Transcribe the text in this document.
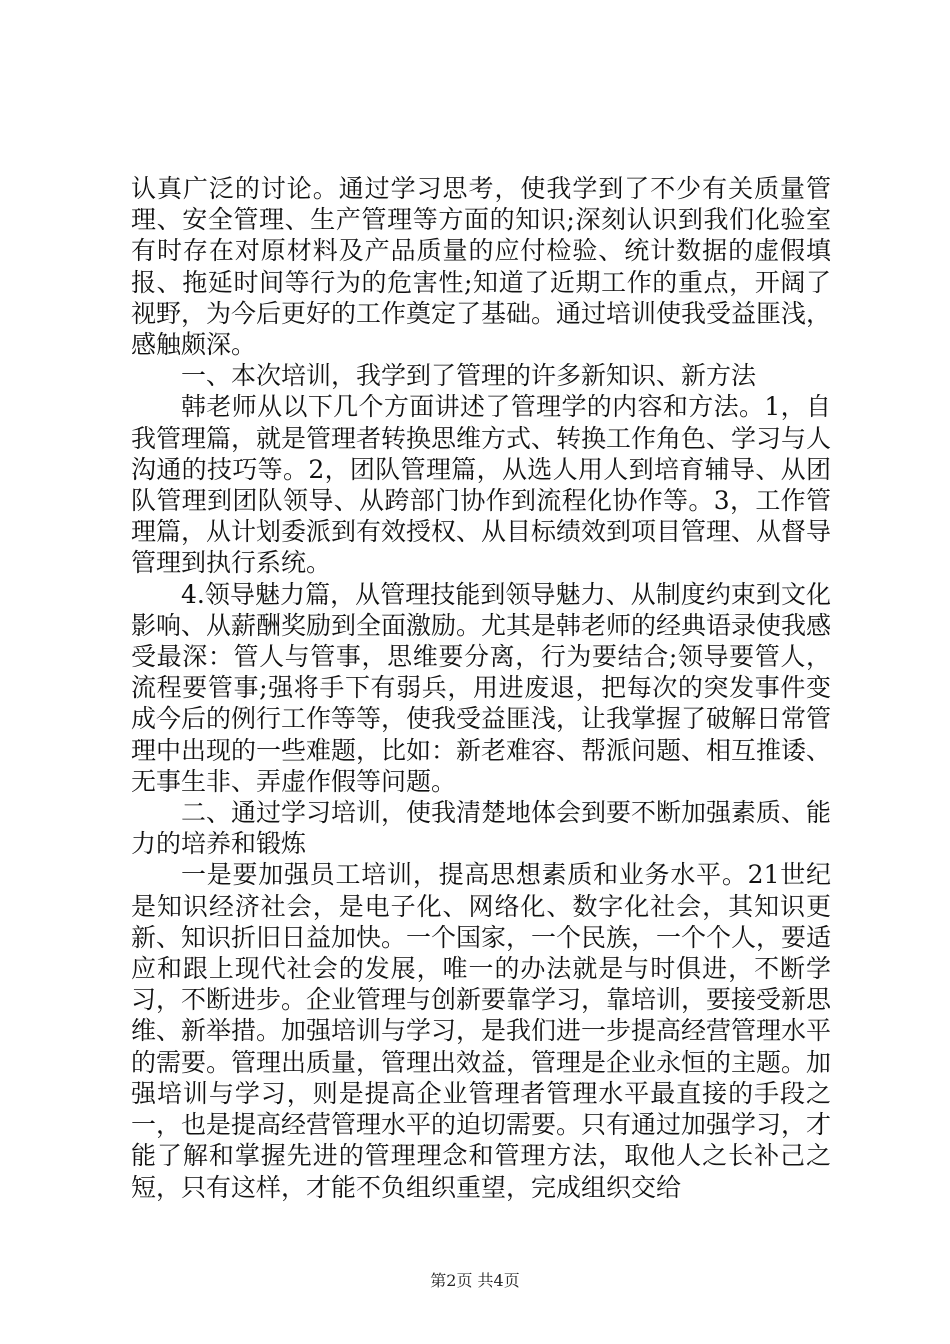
认真广泛的讨论。通过学习思考，使我学到了不少有关质量管理、安全管理、生产管理等方面的知识;深刻认识到我们化验室有时存在对原材料及产品质量的应付检验、统计数据的虚假填报、拖延时间等行为的危害性;知道了近期工作的重点，开阔了视野，为今后更好的工作奠定了基础。通过培训使我受益匪浅，感触颇深。

一、本次培训，我学到了管理的许多新知识、新方法

韩老师从以下几个方面讲述了管理学的内容和方法。1，自我管理篇，就是管理者转换思维方式、转换工作角色、学习与人沟通的技巧等。2，团队管理篇，从选人用人到培育辅导、从团队管理到团队领导、从跨部门协作到流程化协作等。3，工作管理篇，从计划委派到有效授权、从目标绩效到项目管理、从督导管理到执行系统。

4.领导魅力篇，从管理技能到领导魅力、从制度约束到文化影响、从薪酬奖励到全面激励。尤其是韩老师的经典语录使我感受最深：管人与管事，思维要分离，行为要结合;领导要管人，流程要管事;强将手下有弱兵，用进废退，把每次的突发事件变成今后的例行工作等等，使我受益匪浅，让我掌握了破解日常管理中出现的一些难题，比如：新老难容、帮派问题、相互推诿、无事生非、弄虚作假等问题。

二、通过学习培训，使我清楚地体会到要不断加强素质、能力的培养和锻炼

一是要加强员工培训，提高思想素质和业务水平。21世纪是知识经济社会，是电子化、网络化、数字化社会，其知识更新、知识折旧日益加快。一个国家，一个民族，一个个人，要适应和跟上现代社会的发展，唯一的办法就是与时俱进，不断学习，不断进步。企业管理与创新要靠学习，靠培训，要接受新思维、新举措。加强培训与学习，是我们进一步提高经营管理水平的需要。管理出质量，管理出效益，管理是企业永恒的主题。加强培训与学习，则是提高企业管理者管理水平最直接的手段之一，也是提高经营管理水平的迫切需要。只有通过加强学习，才能了解和掌握先进的管理理念和管理方法，取他人之长补己之短，只有这样，才能不负组织重望，完成组织交给

第2页 共4页
